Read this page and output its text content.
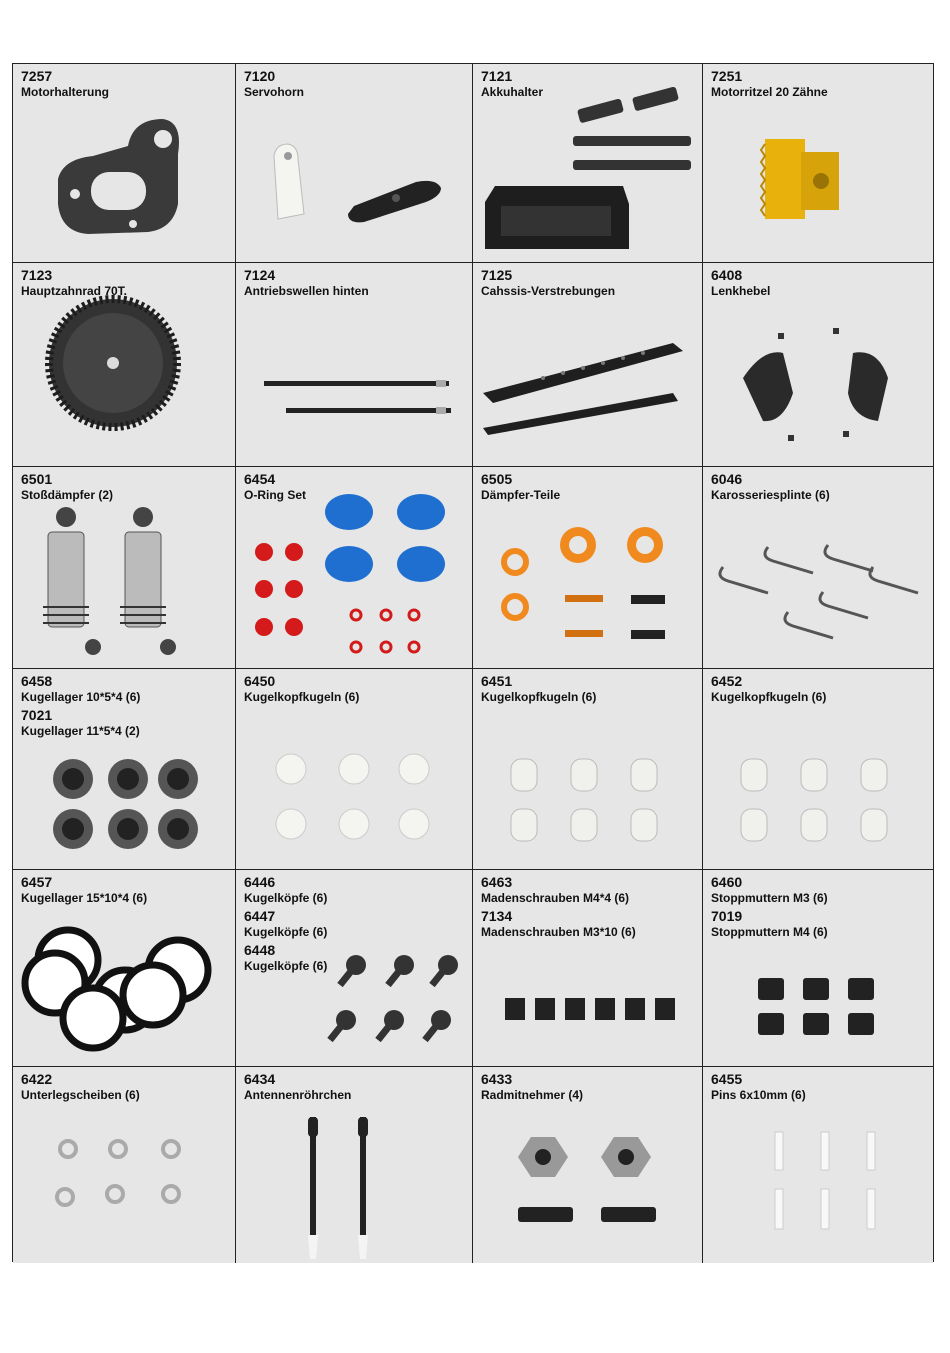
7257
Motorhalterung
7120
Servohorn
7121
Akkuhalter
7251
Motorritzel 20 Zähne
7123
Hauptzahnrad 70T.
7124
Antriebswellen hinten
7125
Cahssis-Verstrebungen
6408
Lenkhebel
6501
Stoßdämpfer (2)
6454
O-Ring Set
6505
Dämpfer-Teile
6046
Karosseriesplinte (6)
6458
Kugellager 10*5*4 (6)
7021
Kugellager 11*5*4 (2)
6450
Kugelkopfkugeln (6)
6451
Kugelkopfkugeln (6)
6452
Kugelkopfkugeln (6)
6457
Kugellager 15*10*4 (6)
6446
Kugelköpfe (6)
6447
Kugelköpfe (6)
6448
Kugelköpfe (6)
6463
Madenschrauben M4*4 (6)
7134
Madenschrauben M3*10 (6)
6460
Stoppmuttern M3 (6)
7019
Stoppmuttern M4 (6)
6422
Unterlegscheiben (6)
6434
Antennenröhrchen
6433
Radmitnehmer (4)
6455
Pins 6x10mm (6)
